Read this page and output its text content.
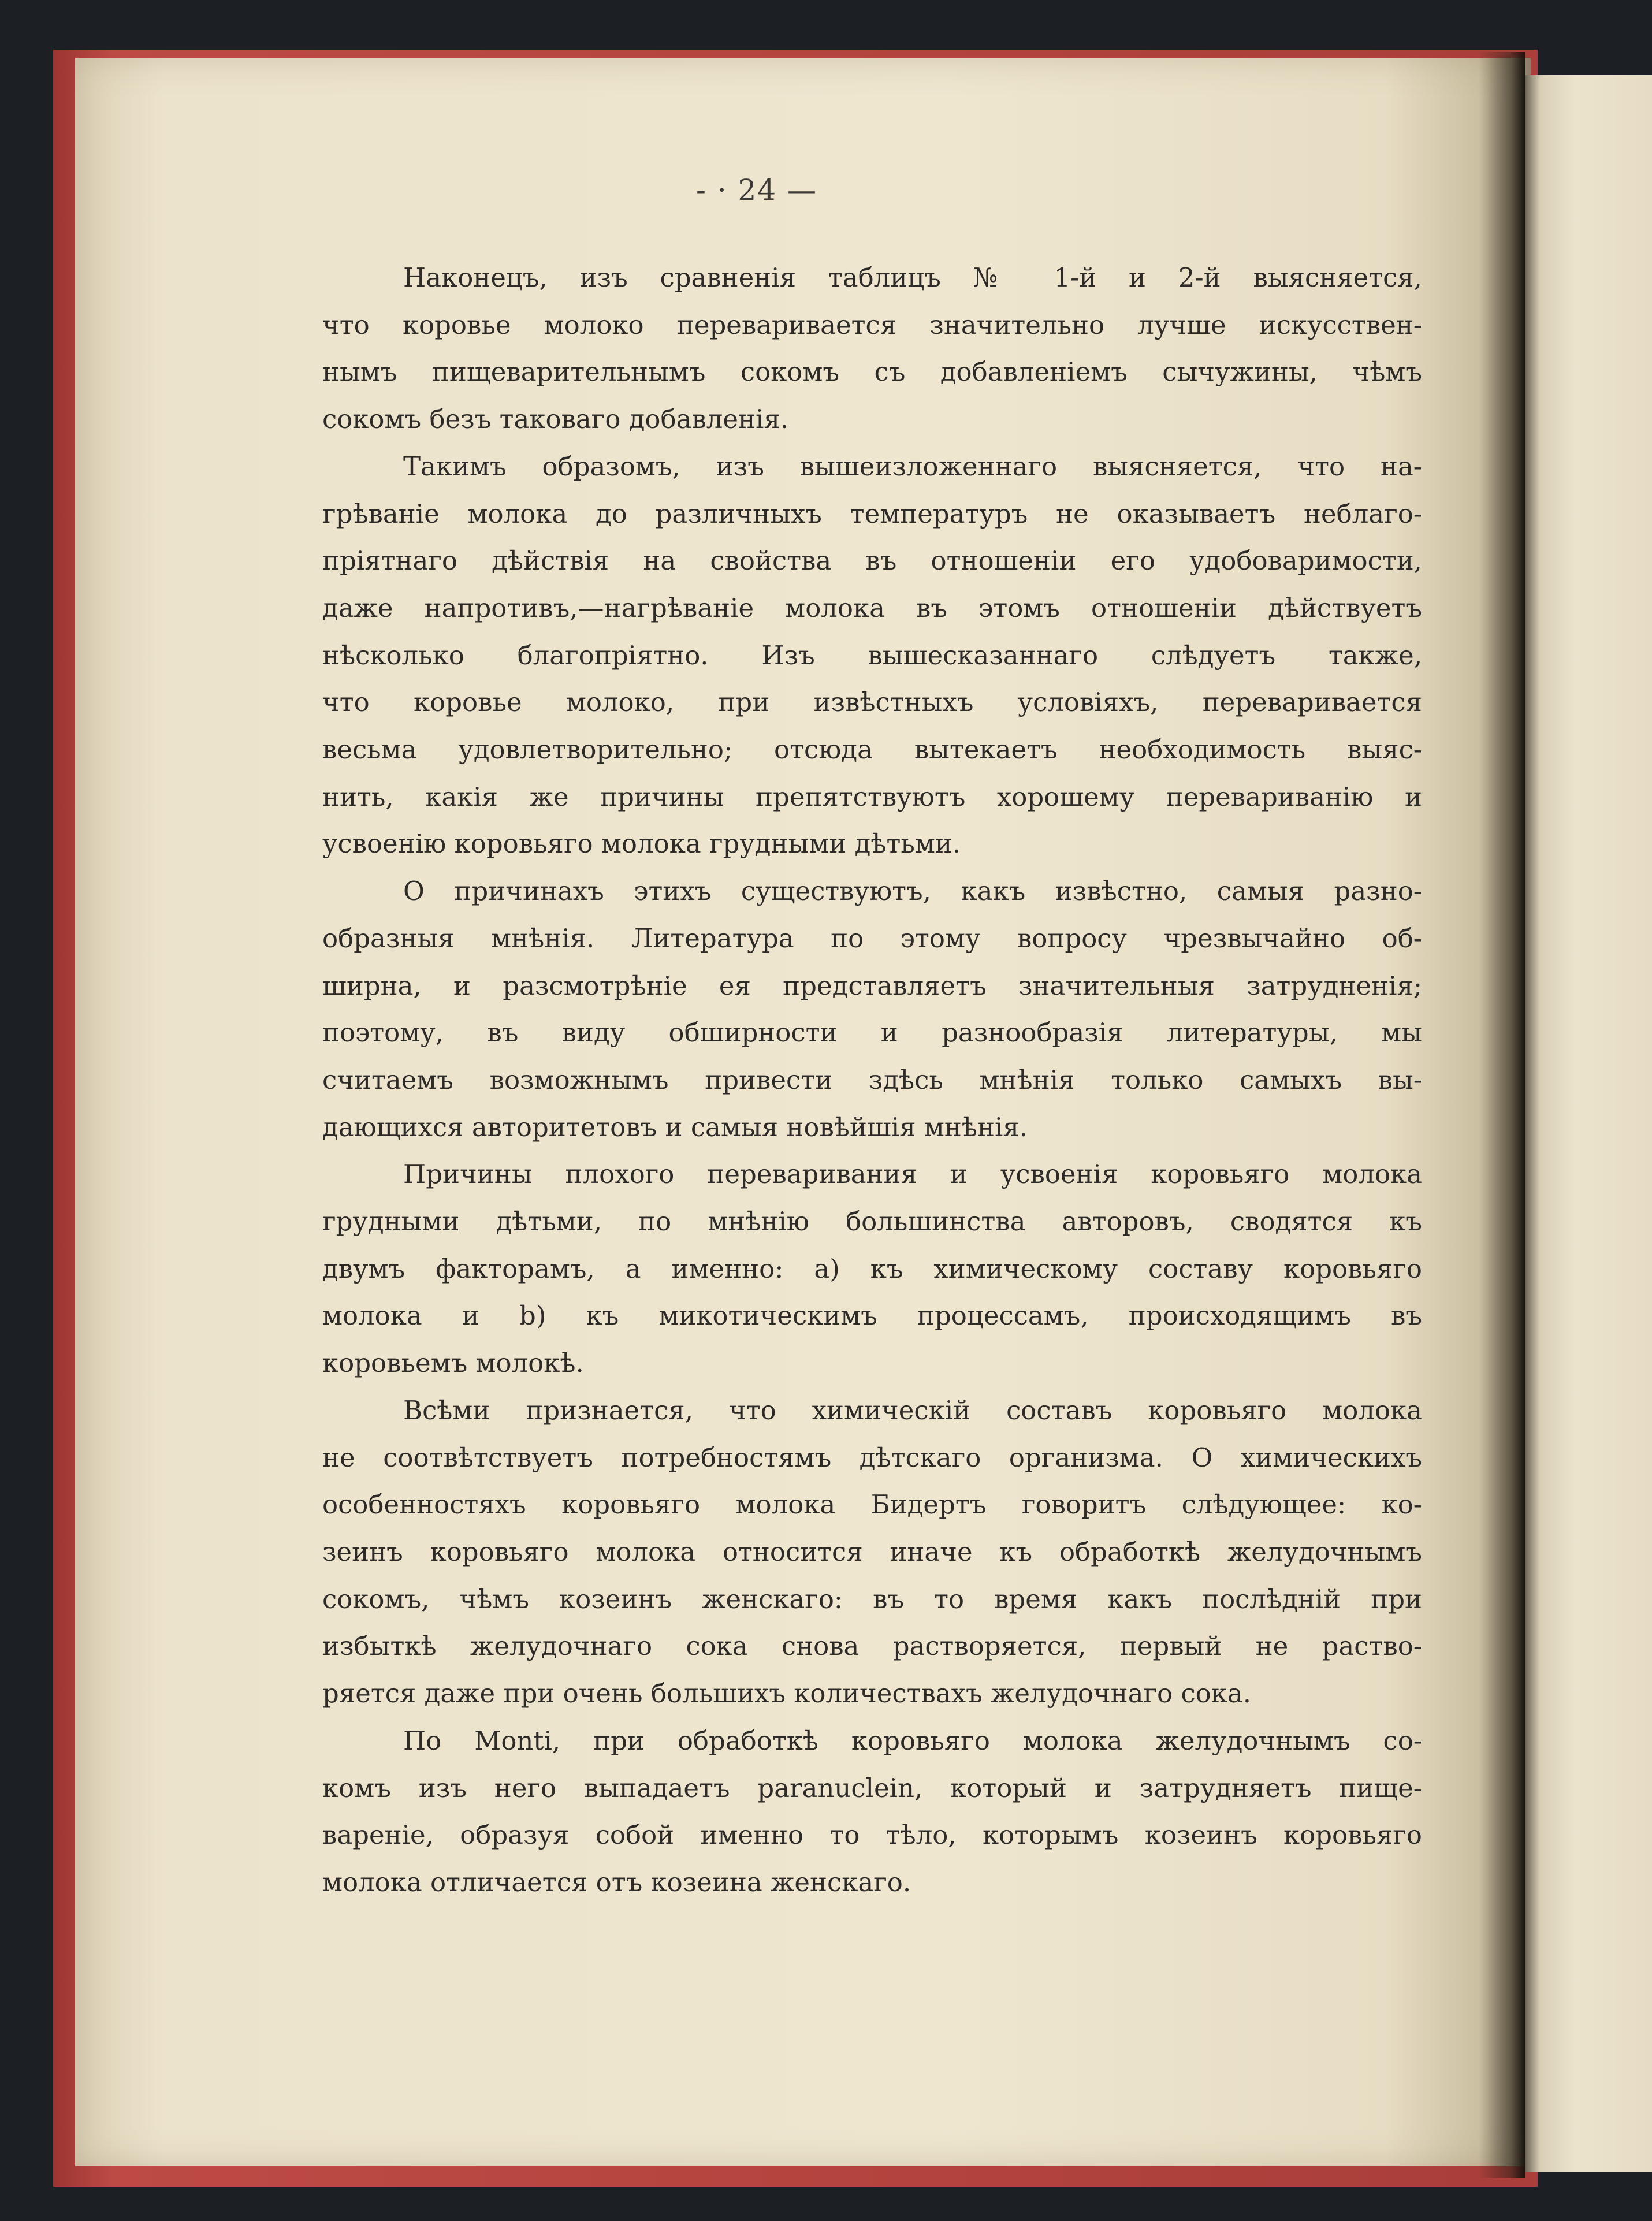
- · 24 —
Наконецъ, изъ сравненія таблицъ № 1-й и 2-й выясняется,
что коровье молоко переваривается значительно лучше искусствен-
нымъ пищеварительнымъ сокомъ съ добавленіемъ сычужины, чѣмъ
сокомъ безъ таковаго добавленія.
Такимъ образомъ, изъ вышеизложеннаго выясняется, что на-
грѣваніе молока до различныхъ температуръ не оказываетъ неблаго-
пріятнаго дѣйствія на свойства въ отношеніи его удобоваримости,
даже напротивъ,—нагрѣваніе молока въ этомъ отношеніи дѣйствуетъ
нѣсколько благопріятно. Изъ вышесказаннаго слѣдуетъ также,
что коровье молоко, при извѣстныхъ условіяхъ, переваривается
весьма удовлетворительно; отсюда вытекаетъ необходимость выяс-
нить, какія же причины препятствуютъ хорошему перевариванію и
усвоенію коровьяго молока грудными дѣтьми.
О причинахъ этихъ существуютъ, какъ извѣстно, самыя разно-
образныя мнѣнія. Литература по этому вопросу чрезвычайно об-
ширна, и разсмотрѣніе ея представляетъ значительныя затрудненія;
поэтому, въ виду обширности и разнообразія литературы, мы
считаемъ возможнымъ привести здѣсь мнѣнія только самыхъ вы-
дающихся авторитетовъ и самыя новѣйшія мнѣнія.
Причины плохого переваривания и усвоенія коровьяго молока
грудными дѣтьми, по мнѣнію большинства авторовъ, сводятся къ
двумъ факторамъ, а именно: a) къ химическому составу коровьяго
молока и b) къ микотическимъ процессамъ, происходящимъ въ
коровьемъ молокѣ.
Всѣми признается, что химическій составъ коровьяго молока
не соотвѣтствуетъ потребностямъ дѣтскаго организма. О химическихъ
особенностяхъ коровьяго молока Бидертъ говоритъ слѣдующее: ко-
зеинъ коровьяго молока относится иначе къ обработкѣ желудочнымъ
сокомъ, чѣмъ козеинъ женскаго: въ то время какъ послѣдній при
избыткѣ желудочнаго сока снова растворяется, первый не раство-
ряется даже при очень большихъ количествахъ желудочнаго сока.
По Monti, при обработкѣ коровьяго молока желудочнымъ со-
комъ изъ него выпадаетъ paranuclein, который и затрудняетъ пище-
вареніе, образуя собой именно то тѣло, которымъ козеинъ коровьяго
молока отличается отъ козеина женскаго.
